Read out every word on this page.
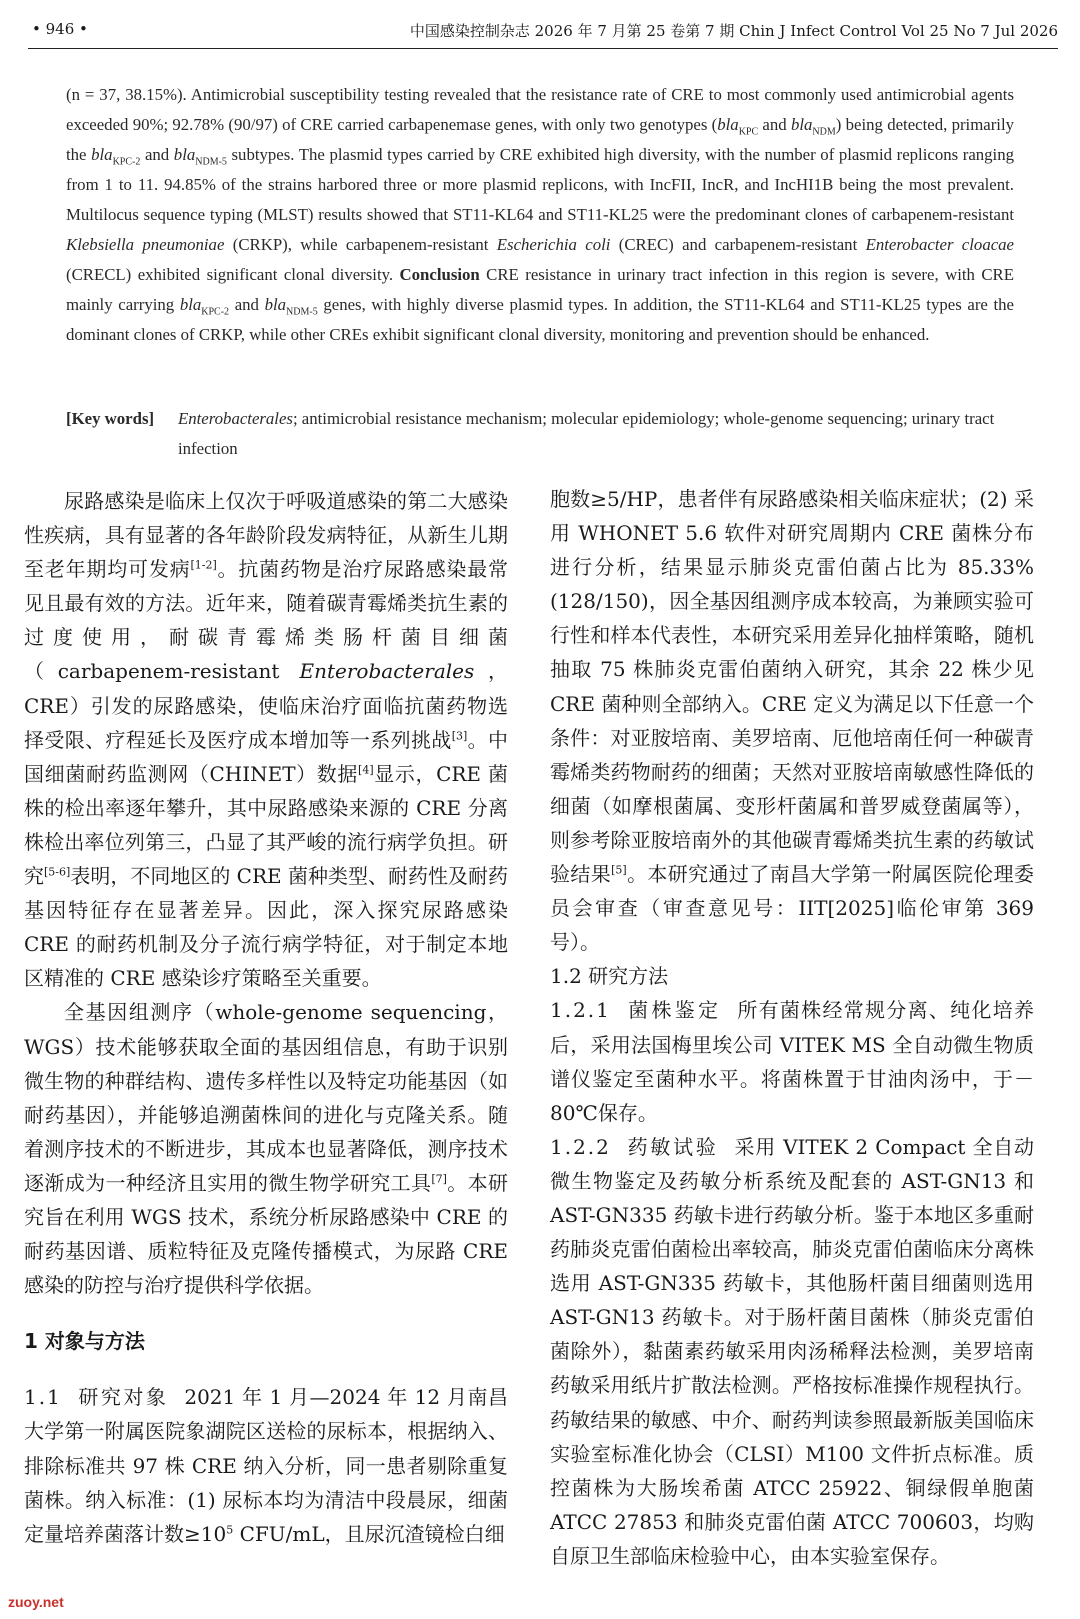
• 946 •	中国感染控制杂志 2026 年 7 月第 25 卷第 7 期 Chin J Infect Control Vol 25 No 7 Jul 2026

(n = 37, 38.15%). Antimicrobial susceptibility testing revealed that the resistance rate of CRE to most commonly used antimicrobial agents exceeded 90%; 92.78% (90/97) of CRE carried carbapenemase genes, with only two genotypes (bla$_{KPC}$ and bla$_{NDM}$) being detected, primarily the bla$_{KPC-2}$ and bla$_{NDM-5}$ subtypes. The plasmid types carried by CRE exhibited high diversity, with the number of plasmid replicons ranging from 1 to 11. 94.85% of the strains harbored three or more plasmid replicons, with IncFII, IncR, and IncHI1B being the most prevalent. Multilocus sequence typing (MLST) results showed that ST11-KL64 and ST11-KL25 were the predominant clones of carbapenem-resistant Klebsiella pneumoniae (CRKP), while carbapenem-resistant Escherichia coli (CREC) and carbapenem-resistant Enterobacter cloacae (CRECL) exhibited significant clonal diversity. Conclusion CRE resistance in urinary tract infection in this region is severe, with CRE mainly carrying bla$_{KPC-2}$ and bla$_{NDM-5}$ genes, with highly diverse plasmid types. In addition, the ST11-KL64 and ST11-KL25 types are the dominant clones of CRKP, while other CREs exhibit significant clonal diversity, monitoring and prevention should be enhanced.

[Key words] Enterobacterales; antimicrobial resistance mechanism; molecular epidemiology; whole-genome sequencing; urinary tract infection

尿路感染是临床上仅次于呼吸道感染的第二大感染性疾病，具有显著的各年龄阶段发病特征，从新生儿期至老年期均可发病[1-2]。抗菌药物是治疗尿路感染最常见且最有效的方法。近年来，随着碳青霉烯类抗生素的过度使用，耐碳青霉烯类肠杆菌目细菌（carbapenem-resistant Enterobacterales，CRE）引发的尿路感染，使临床治疗面临抗菌药物选择受限、疗程延长及医疗成本增加等一系列挑战[3]。中国细菌耐药监测网（CHINET）数据[4]显示，CRE 菌株的检出率逐年攀升，其中尿路感染来源的 CRE 分离株检出率位列第三，凸显了其严峻的流行病学负担。研究[5-6]表明，不同地区的 CRE 菌种类型、耐药性及耐药基因特征存在显著差异。因此，深入探究尿路感染 CRE 的耐药机制及分子流行病学特征，对于制定本地区精准的 CRE 感染诊疗策略至关重要。

全基因组测序（whole-genome sequencing，WGS）技术能够获取全面的基因组信息，有助于识别微生物的种群结构、遗传多样性以及特定功能基因（如耐药基因），并能够追溯菌株间的进化与克隆关系。随着测序技术的不断进步，其成本也显著降低，测序技术逐渐成为一种经济且实用的微生物学研究工具[7]。本研究旨在利用 WGS 技术，系统分析尿路感染中 CRE 的耐药基因谱、质粒特征及克隆传播模式，为尿路 CRE 感染的防控与治疗提供科学依据。

1 对象与方法

1.1 研究对象 2021 年 1 月—2024 年 12 月南昌大学第一附属医院象湖院区送检的尿标本，根据纳入、排除标准共 97 株 CRE 纳入分析，同一患者剔除重复菌株。纳入标准：(1) 尿标本均为清洁中段晨尿，细菌定量培养菌落计数$\ge 10^5$ CFU/mL，且尿沉渣镜检白细

胞数≥5/HP，患者伴有尿路感染相关临床症状；(2) 采用 WHONET 5.6 软件对研究周期内 CRE 菌株分布进行分析，结果显示肺炎克雷伯菌占比为 85.33%(128/150)，因全基因组测序成本较高，为兼顾实验可行性和样本代表性，本研究采用差异化抽样策略，随机抽取 75 株肺炎克雷伯菌纳入研究，其余 22 株少见 CRE 菌种则全部纳入。CRE 定义为满足以下任意一个条件：对亚胺培南、美罗培南、厄他培南任何一种碳青霉烯类药物耐药的细菌；天然对亚胺培南敏感性降低的细菌（如摩根菌属、变形杆菌属和普罗威登菌属等），则参考除亚胺培南外的其他碳青霉烯类抗生素的药敏试验结果[5]。本研究通过了南昌大学第一附属医院伦理委员会审查（审查意见号：IIT[2025]临伦审第 369 号）。

1.2 研究方法

1.2.1 菌株鉴定 所有菌株经常规分离、纯化培养后，采用法国梅里埃公司 VITEK MS 全自动微生物质谱仪鉴定至菌种水平。将菌株置于甘油肉汤中，于－80℃保存。

1.2.2 药敏试验 采用 VITEK 2 Compact 全自动微生物鉴定及药敏分析系统及配套的 AST-GN13 和 AST-GN335 药敏卡进行药敏分析。鉴于本地区多重耐药肺炎克雷伯菌检出率较高，肺炎克雷伯菌临床分离株选用 AST-GN335 药敏卡，其他肠杆菌目细菌则选用 AST-GN13 药敏卡。对于肠杆菌目菌株（肺炎克雷伯菌除外），黏菌素药敏采用肉汤稀释法检测，美罗培南药敏采用纸片扩散法检测。严格按标准操作规程执行。药敏结果的敏感、中介、耐药判读参照最新版美国临床实验室标准化协会（CLSI）M100 文件折点标准。质控菌株为大肠埃希菌 ATCC 25922、铜绿假单胞菌 ATCC 27853 和肺炎克雷伯菌 ATCC 700603，均购自原卫生部临床检验中心，由本实验室保存。

zuoy.net
